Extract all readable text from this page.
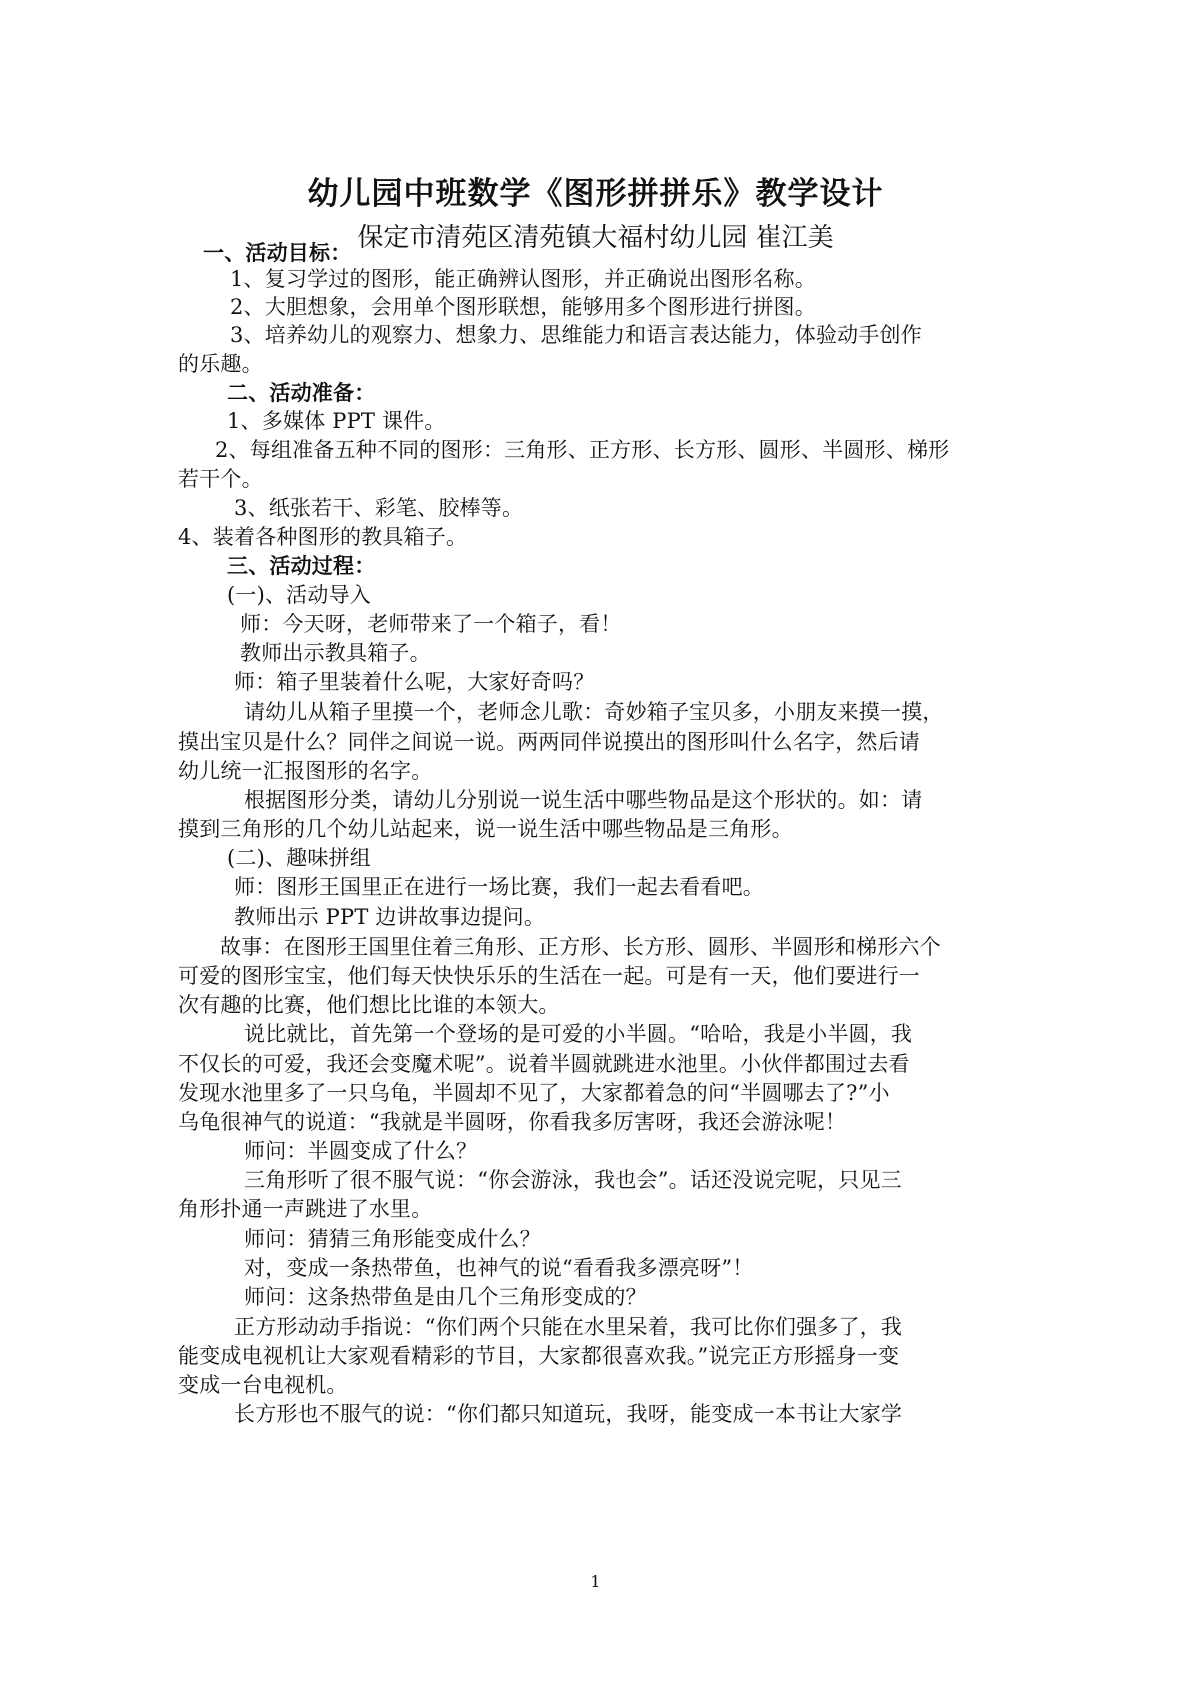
幼儿园中班数学《图形拼拼乐》教学设计
保定市清苑区清苑镇大福村幼儿园 崔江美
一、活动目标：
1、复习学过的图形，能正确辨认图形，并正确说出图形名称。
2、大胆想象，会用单个图形联想，能够用多个图形进行拼图。
3、培养幼儿的观察力、想象力、思维能力和语言表达能力，体验动手创作
的乐趣。
二、活动准备：
1、多媒体 PPT 课件。
2、每组准备五种不同的图形：三角形、正方形、长方形、圆形、半圆形、梯形
若干个。
3、纸张若干、彩笔、胶棒等。
4、装着各种图形的教具箱子。
三、活动过程：
(一)、活动导入
师：今天呀，老师带来了一个箱子，看！
教师出示教具箱子。
师：箱子里装着什么呢，大家好奇吗？
请幼儿从箱子里摸一个，老师念儿歌：奇妙箱子宝贝多，小朋友来摸一摸，
摸出宝贝是什么？同伴之间说一说。两两同伴说摸出的图形叫什么名字，然后请
幼儿统一汇报图形的名字。
根据图形分类，请幼儿分别说一说生活中哪些物品是这个形状的。如：请
摸到三角形的几个幼儿站起来，说一说生活中哪些物品是三角形。
(二)、趣味拼组
师：图形王国里正在进行一场比赛，我们一起去看看吧。
教师出示 PPT 边讲故事边提问。
故事：在图形王国里住着三角形、正方形、长方形、圆形、半圆形和梯形六个
可爱的图形宝宝，他们每天快快乐乐的生活在一起。可是有一天，他们要进行一
次有趣的比赛，他们想比比谁的本领大。
说比就比，首先第一个登场的是可爱的小半圆。“哈哈，我是小半圆，我
不仅长的可爱，我还会变魔术呢”。说着半圆就跳进水池里。小伙伴都围过去看
发现水池里多了一只乌龟，半圆却不见了，大家都着急的问“半圆哪去了?”小
乌龟很神气的说道：“我就是半圆呀，你看我多厉害呀，我还会游泳呢！
师问：半圆变成了什么？
三角形听了很不服气说：“你会游泳，我也会”。话还没说完呢，只见三
角形扑通一声跳进了水里。
师问：猜猜三角形能变成什么？
对，变成一条热带鱼，也神气的说“看看我多漂亮呀”！
师问：这条热带鱼是由几个三角形变成的？
正方形动动手指说：“你们两个只能在水里呆着，我可比你们强多了，我
能变成电视机让大家观看精彩的节目，大家都很喜欢我。”说完正方形摇身一变
变成一台电视机。
长方形也不服气的说：“你们都只知道玩，我呀，能变成一本书让大家学
1
